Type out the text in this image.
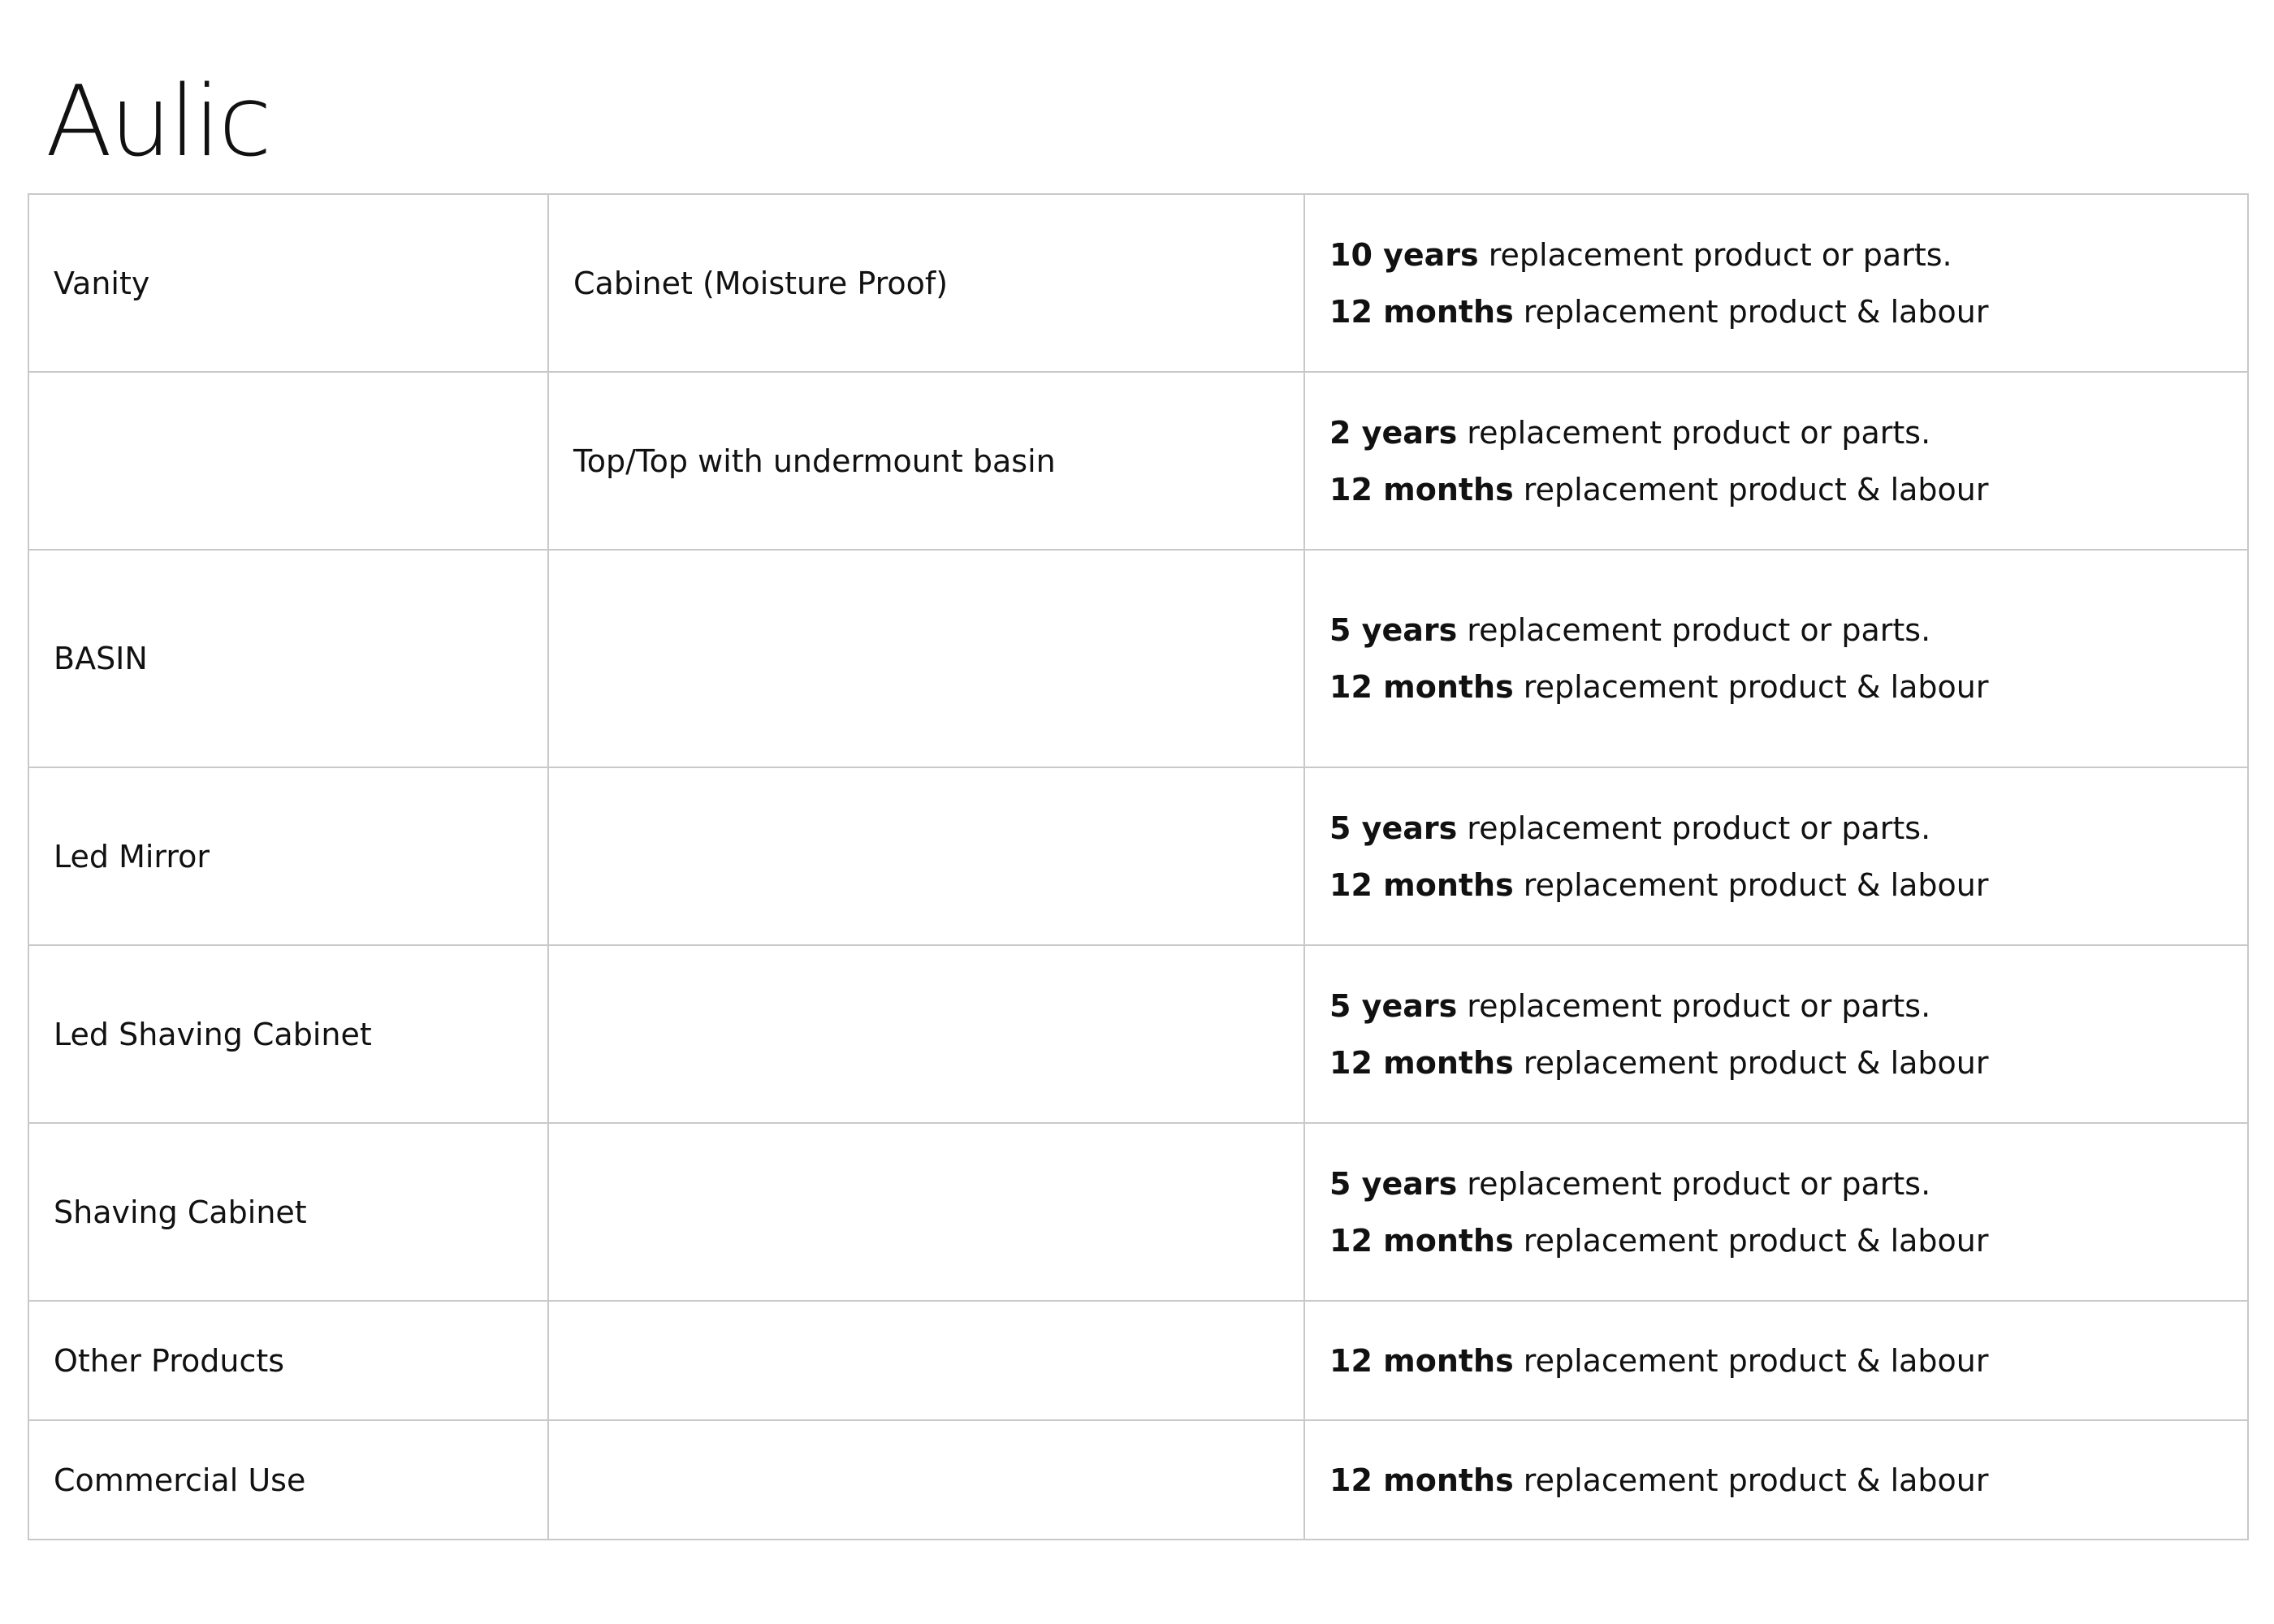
Aulic
Vanity	Cabinet (Moisture Proof)	10 years replacement product or parts.
12 months replacement product & labour

	Top/Top with undermount basin	2 years replacement product or parts.
12 months replacement product & labour

BASIN		5 years replacement product or parts.
12 months replacement product & labour

Led Mirror		5 years replacement product or parts.
12 months replacement product & labour

Led Shaving Cabinet		5 years replacement product or parts.
12 months replacement product & labour

Shaving Cabinet		5 years replacement product or parts.
12 months replacement product & labour

Other Products		12 months replacement product & labour

Commercial Use		12 months replacement product & labour
